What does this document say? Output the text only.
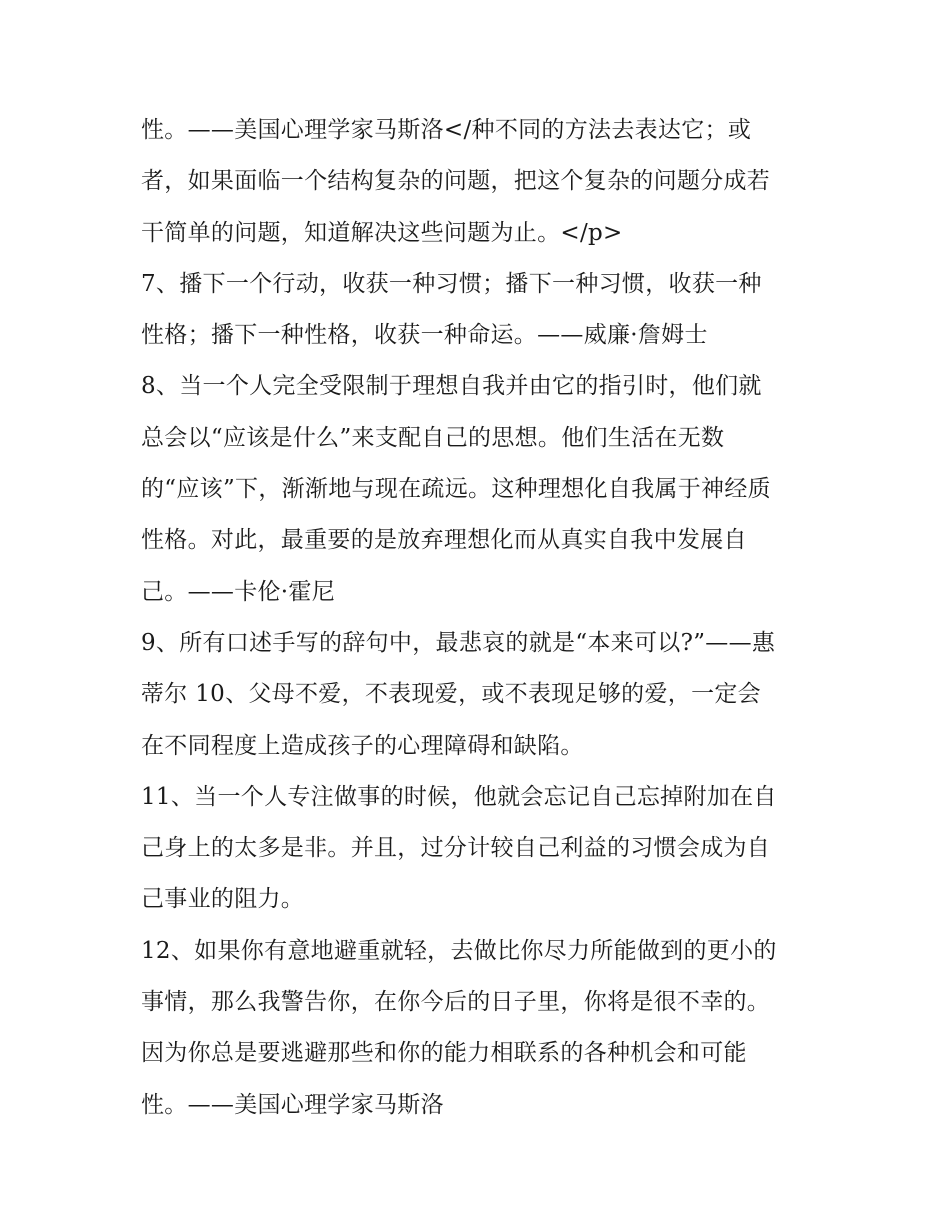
性。——美国心理学家马斯洛</种不同的方法去表达它；或
者，如果面临一个结构复杂的问题，把这个复杂的问题分成若
干简单的问题，知道解决这些问题为止。</p>
7、播下一个行动，收获一种习惯；播下一种习惯，收获一种
性格；播下一种性格，收获一种命运。——威廉·詹姆士
8、当一个人完全受限制于理想自我并由它的指引时，他们就
总会以“应该是什么”来支配自己的思想。他们生活在无数
的“应该”下，渐渐地与现在疏远。这种理想化自我属于神经质
性格。对此，最重要的是放弃理想化而从真实自我中发展自
己。——卡伦·霍尼
9、所有口述手写的辞句中，最悲哀的就是“本来可以?”——惠
蒂尔 10、父母不爱，不表现爱，或不表现足够的爱，一定会
在不同程度上造成孩子的心理障碍和缺陷。
11、当一个人专注做事的时候，他就会忘记自己忘掉附加在自
己身上的太多是非。并且，过分计较自己利益的习惯会成为自
己事业的阻力。
12、如果你有意地避重就轻，去做比你尽力所能做到的更小的
事情，那么我警告你，在你今后的日子里，你将是很不幸的。
因为你总是要逃避那些和你的能力相联系的各种机会和可能
性。——美国心理学家马斯洛
